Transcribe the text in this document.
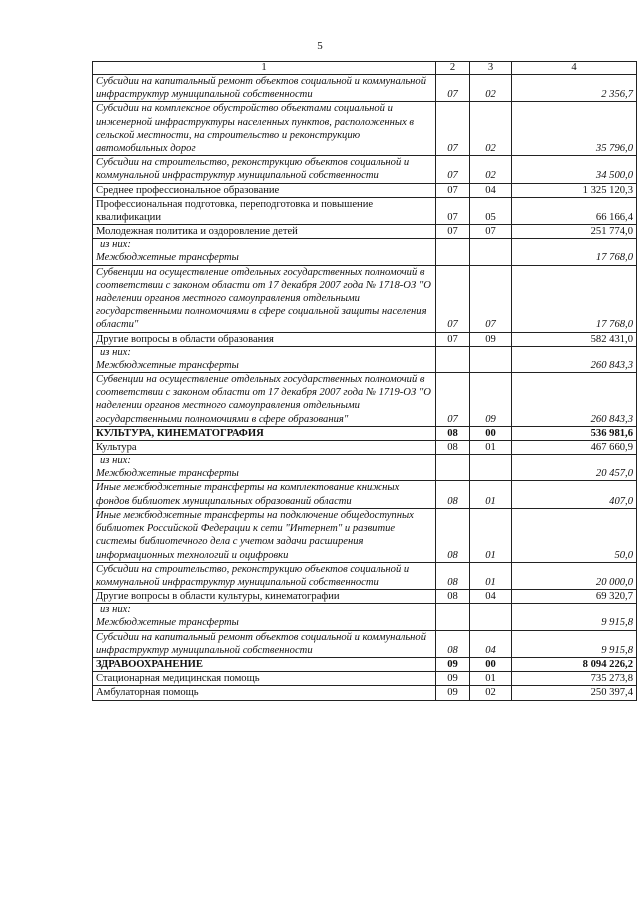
5
1	2	3	4

Субсидии на капитальный ремонт объектов социальной и коммунальной инфраструктур муниципальной собственности	07	02	2 356,7

Субсидии на комплексное обустройство объектами социальной и инженерной инфраструктуры населенных пунктов, расположенных в сельской местности, на строительство и реконструкцию автомобильных дорог	07	02	35 796,0

Субсидии на строительство, реконструкцию объектов социальной и коммунальной инфраструктур муниципальной собственности	07	02	34 500,0

Среднее профессиональное образование	07	04	1 325 120,3

Профессиональная подготовка, переподготовка и повышение квалификации	07	05	66 166,4

Молодежная политика и оздоровление детей	07	07	251 774,0

из них:
Межбюджетные трансферты			17 768,0

Субвенции на осуществление отдельных государственных полномочий в соответствии с законом области от 17 декабря 2007 года № 1718-ОЗ "О наделении органов местного самоуправления отдельными государственными полномочиями в сфере социальной защиты населения области"	07	07	17 768,0

Другие вопросы в области образования	07	09	582 431,0

из них:
Межбюджетные трансферты			260 843,3

Субвенции на осуществление отдельных государственных полномочий в соответствии с законом области от 17 декабря 2007 года № 1719-ОЗ "О наделении органов местного самоуправления отдельными государственными полномочиями в сфере образования"	07	09	260 843,3

КУЛЬТУРА, КИНЕМАТОГРАФИЯ	08	00	536 981,6

Культура	08	01	467 660,9

из них:
Межбюджетные трансферты			20 457,0

Иные межбюджетные трансферты на комплектование книжных фондов библиотек муниципальных образований области	08	01	407,0

Иные межбюджетные трансферты на подключение общедоступных библиотек Российской Федерации к сети "Интернет" и развитие системы библиотечного дела с учетом задачи расширения информационных технологий и оцифровки	08	01	50,0

Субсидии на строительство, реконструкцию объектов социальной и коммунальной инфраструктур муниципальной собственности	08	01	20 000,0

Другие вопросы в области культуры, кинематографии	08	04	69 320,7

из них:
Межбюджетные трансферты			9 915,8

Субсидии на капитальный ремонт объектов социальной и коммунальной инфраструктур муниципальной собственности	08	04	9 915,8

ЗДРАВООХРАНЕНИЕ	09	00	8 094 226,2

Стационарная медицинская помощь	09	01	735 273,8

Амбулаторная помощь	09	02	250 397,4
